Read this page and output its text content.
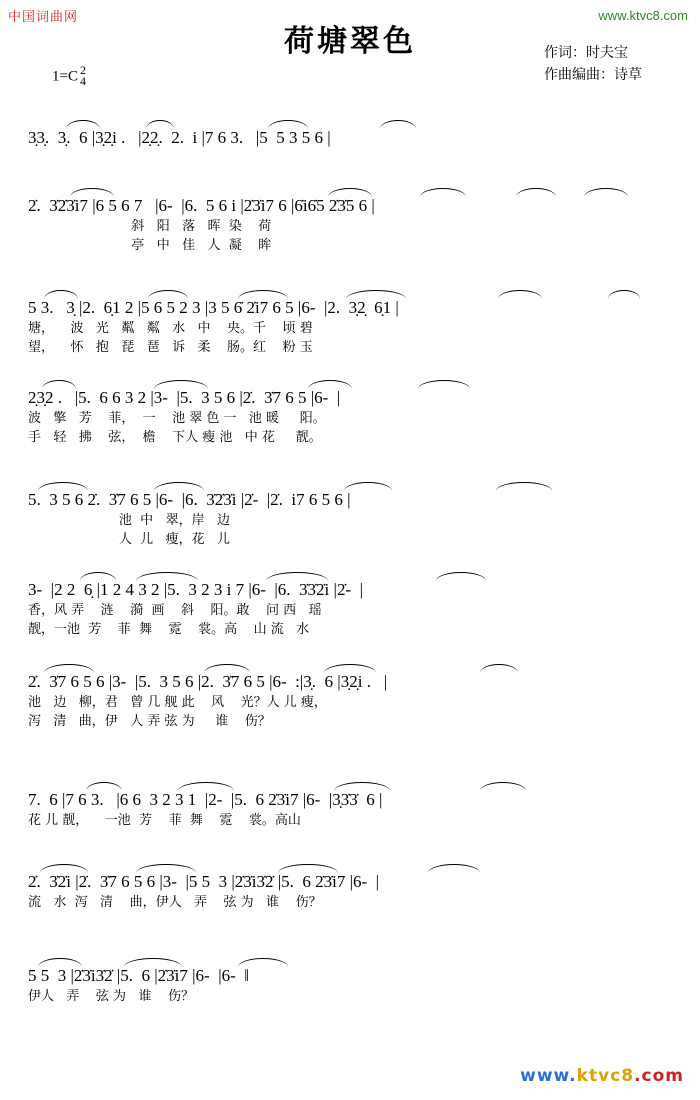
中国词曲网	www.ktvc8.com
荷塘翠色	作词：时夫宝
作曲编曲：诗草
1=C 2
4
3̣3̣.  3̣.  6 |3̣2̣i .   |2̣2̣.  2.  i |7 6 3.   |5  5 3 5 6 |
2̇.  3̇2̇3̇i7 |6 5 6 7   |6-  |6.  5 6 i |2̇3̇i7 6 |6̇i6̇5 2̇3̇5 6 |
斜   阳   落   晖  染    荷
亭   中   佳   人  凝    眸
5 3.   3̣ |2.  6̣1 2 |5 6 5 2 3 |3 5 6̇ 2̇i7 6 5 |6-  |2.  3̣2̣  6̣1 |
塘，    波   光   粼   粼   水   中    央。千    顷 碧
望，    怀   抱   琵   琶   诉   柔    肠。红    粉 玉
2̣3̣2 .   |5.  6 6 3 2 |3-  |5.  3 5 6 |2̇.  3̇7 6 5 |6-  |
波   擎   芳    菲，  一    池 翠 色 一   池 暖     阳。
手   轻   拂    弦，  檐    下人 瘦 池   中 花     靓。
5.  3 5 6 2̇.  3̇7 6 5 |6-  |6.  3̇2̇3̇i |2̇-  |2̇.  i7 6 5 6 |
池  中   翠，岸   边
人  儿   瘦，花   儿
3-  |2 2  6̣ |1 2 4 3 2 |5.  3 2 3 i 7 |6-  |6.  3̇3̇2̇i |2̇-  |
香，风 弄    涟    漪  画    斜    阳。敢    问 西   瑶
靓，一池  芳    菲  舞    霓    裳。高    山 流   水
2̇.  3̇7 6 5 6 |3-  |5.  3 5 6 |2.  3̇7 6 5 |6-  :|3̣.  6 |3̣2̣i .   |
池   边   柳，君   曾 几 舰 此    风    光？人 儿 瘦，
泻   清   曲，伊   人 弄 弦 为     谁    伤？
7.  6 |7 6 3.   |6 6  3 2 3 1  |2-  |5.  6 2̇3̇i7 |6-  |3̣3̇3̇  6 |
花 儿 靓，    一池  芳    菲  舞    霓    裳。高山
2̇.  3̇2̇i |2̇.  3̇7 6 5 6 |3-  |5 5  3 |2̇3̇i3̇2̇ |5.  6 2̇3̇i7 |6-  |
流   水  泻   清    曲，伊人   弄    弦 为   谁    伤？
5 5  3 |2̇3̇i3̇2̇ |5.  6 |2̇3̇i7 |6-  |6-  ‖
伊人   弄    弦 为   谁    伤？
www.ktvc8.com
